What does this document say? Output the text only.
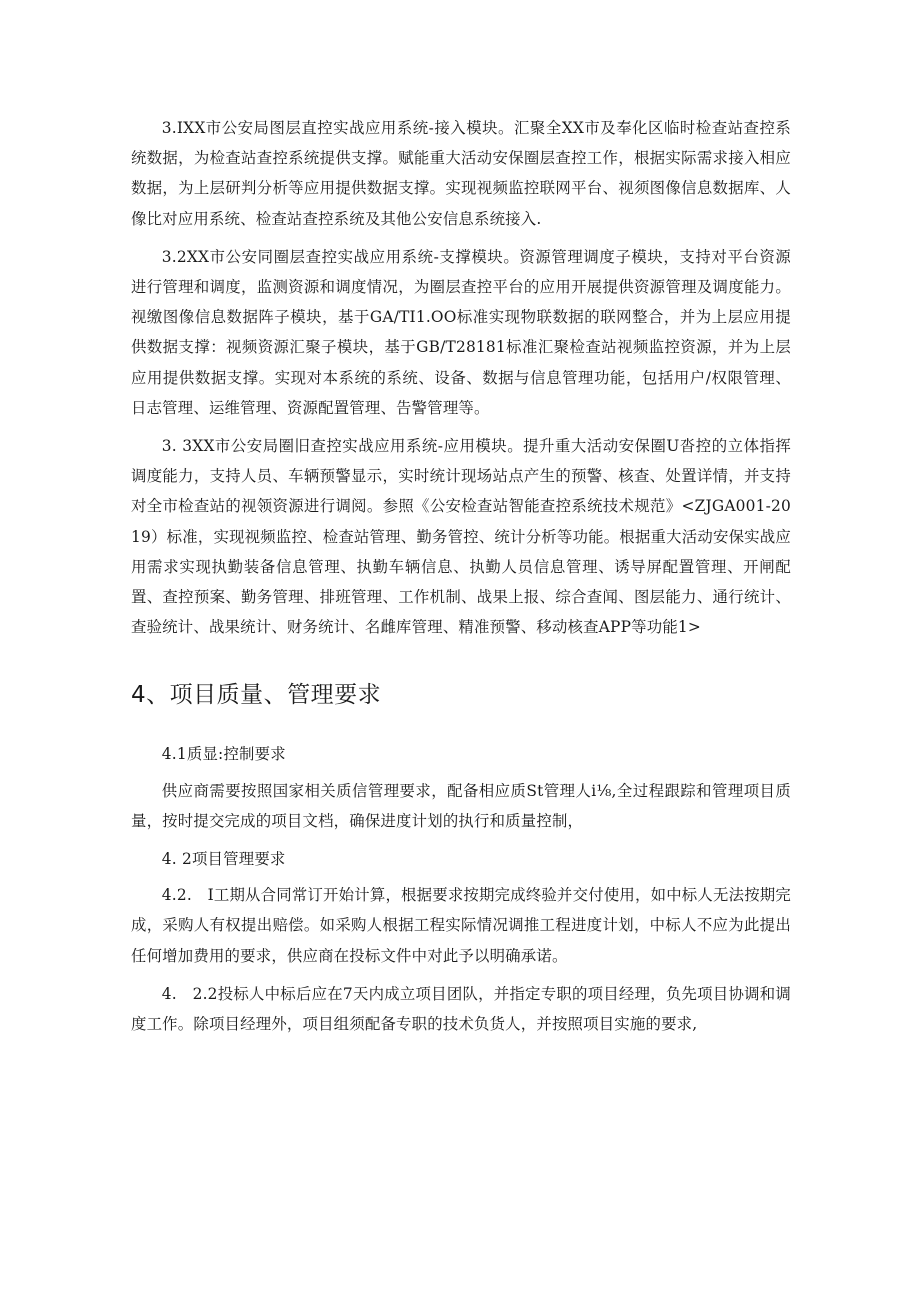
3.IXX市公安局图层直控实战应用系统-接入模块。汇聚全XX市及奉化区临时检查站查控系统数据，为检查站查控系统提供支撑。赋能重大活动安保圈层查控工作，根据实际需求接入相应数据，为上层研判分析等应用提供数据支撑。实现视频监控联网平台、视须图像信息数据库、人像比对应用系统、检查站查控系统及其他公安信息系统接入.

3.2XX市公安同圈层查控实战应用系统-支撑模块。资源管理调度子模块，支持对平台资源进行管理和调度，监测资源和调度情况，为圈层查控平台的应用开展提供资源管理及调度能力。视缴图像信息数据阵子模块，基于GA/TI1.OO标准实现物联数据的联网整合，并为上层应用提供数据支撑：视频资源汇聚子模块，基于GB/T28181标准汇聚检查站视频监控资源，并为上层应用提供数据支撑。实现对本系统的系统、设备、数据与信息管理功能，包括用户/权限管理、日志管理、运维管理、资源配置管理、告警管理等。

3. 3XX市公安局圈旧查控实战应用系统-应用模块。提升重大活动安保圈U沓控的立体指挥调度能力，支持人员、车辆预警显示，实时统计现场站点产生的预警、核查、处置详情，并支持对全市检查站的视领资源进行调阅。参照《公安检查站智能查控系统技术规范》<ZJGA001-2019）标准，实现视频监控、检查站管理、勤务管控、统计分析等功能。根据重大活动安保实战应用需求实现执勤装备信息管理、执勤车辆信息、执勤人员信息管理、诱导屏配置管理、开闸配置、查控预案、勤务管理、排班管理、工作机制、战果上报、综合查闻、图层能力、通行统计、查验统计、战果统计、财务统计、名雌库管理、精准预警、移动核查APP等功能1>

4、项目质量、管理要求

4.1质显:控制要求

供应商需要按照国家相关质信管理要求，配备相应质St管理人i⅛,全过程跟踪和管理项目质量，按时提交完成的项目文档，确保进度计划的执行和质量控制，

4. 2项目管理要求

4.2.　I工期从合同常订开始计算，根据要求按期完成终验并交付使用，如中标人无法按期完成，采购人有权提出赔偿。如采购人根据工程实际情况调推工程进度计划，中标人不应为此提出任何增加费用的要求，供应商在投标文件中对此予以明确承诺。

4.　2.2投标人中标后应在7天内成立项目团队，并指定专职的项目经理，负先项目协调和调度工作。除项目经理外，项目组须配备专职的技术负货人，并按照项目实施的要求,
